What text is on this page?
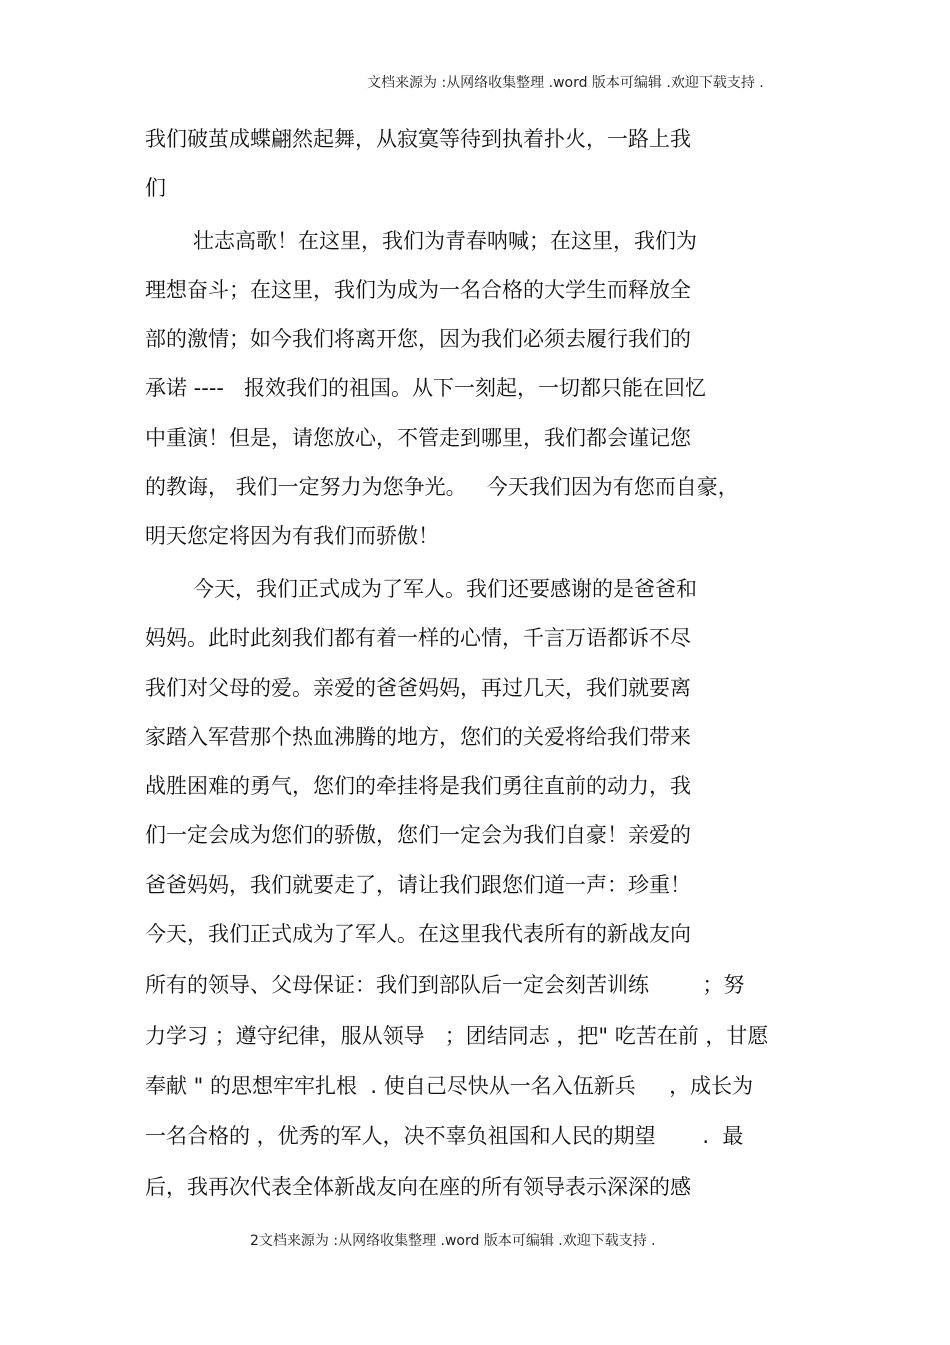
文档来源为 :从网络收集整理 .word 版本可编辑 .欢迎下载支持 .
我们破茧成蝶翩然起舞，从寂寞等待到执着扑火，一路上我
们
壮志高歌！在这里，我们为青春呐喊；在这里，我们为
理想奋斗；在这里，我们为成为一名合格的大学生而释放全
部的激情；如今我们将离开您，因为我们必须去履行我们的
承诺 ----   报效我们的祖国。从下一刻起，一切都只能在回忆
中重演！但是，请您放心，不管走到哪里，我们都会谨记您
的教诲， 我们一定努力为您争光。   今天我们因为有您而自豪，
明天您定将因为有我们而骄傲！
今天，我们正式成为了军人。我们还要感谢的是爸爸和
妈妈。此时此刻我们都有着一样的心情，千言万语都诉不尽
我们对父母的爱。亲爱的爸爸妈妈，再过几天，我们就要离
家踏入军营那个热血沸腾的地方，您们的关爱将给我们带来
战胜困难的勇气，您们的牵挂将是我们勇往直前的动力，我
们一定会成为您们的骄傲，您们一定会为我们自豪！亲爱的
爸爸妈妈，我们就要走了，请让我们跟您们道一声：珍重！
今天，我们正式成为了军人。在这里我代表所有的新战友向
所有的领导、父母保证：我们到部队后一定会刻苦训练        ；努
力学习 ；遵守纪律，服从领导   ；团结同志 ，把" 吃苦在前 ，甘愿
奉献 " 的思想牢牢扎根  . 使自己尽快从一名入伍新兵     ，成长为
一名合格的 ，优秀的军人，决不辜负祖国和人民的期望       .  最
后，我再次代表全体新战友向在座的所有领导表示深深的感
2文档来源为 :从网络收集整理 .word 版本可编辑 .欢迎下载支持 .
